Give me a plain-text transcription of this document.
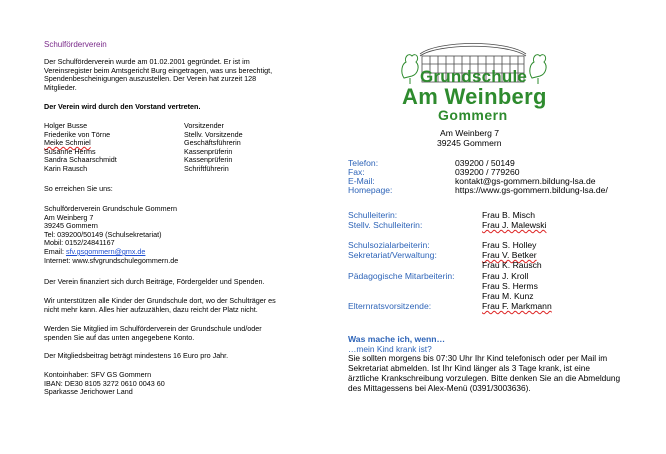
Schulförderverein
Der Schulförderverein wurde am 01.02.2001 gegründet. Er ist im
Vereinsregister beim Amtsgericht Burg eingetragen, was uns berechtigt,
Spendenbescheinigungen auszustellen. Der Verein hat zurzeit 128
Mitglieder.
Der Verein wird durch den Vorstand vertreten.
Holger Busse	Vorsitzender
Friederike von Törne	Stellv. Vorsitzende
Meike Schmiel	Geschäftsführerin
Susanne Herms	Kassenprüferin
Sandra Schaarschmidt	Kassenprüferin
Karin Rausch	Schriftführerin
So erreichen Sie uns:
Schulförderverein Grundschule Gommern
Am Weinberg 7
39245 Gommern
Tel: 039200/50149 (Schulsekretariat)
Mobil: 0152/24841167
Email: sfv.gsgommern@gmx.de
Internet: www.sfvgrundschulegommern.de
Der Verein finanziert sich durch Beiträge, Fördergelder und Spenden.
Wir unterstützen alle Kinder der Grundschule dort, wo der Schulträger es
nicht mehr kann. Alles hier aufzuzählen, dazu reicht der Platz nicht.
Werden Sie Mitglied im Schulförderverein der Grundschule und/oder
spenden Sie auf das unten angegebene Konto.
Der Mitgliedsbeitrag beträgt mindestens 16 Euro pro Jahr.
Kontoinhaber: SFV GS Gommern
IBAN: DE30 8105 3272 0610 0043 60
Sparkasse Jerichower Land
Grundschule
Am Weinberg
Gommern
Am Weinberg 7
39245 Gommern
Telefon:	039200 / 50149
Fax:	039200 / 779260
E-Mail:	kontakt@gs-gommern.bildung-lsa.de
Homepage:	https://www.gs-gommern.bildung-lsa.de/
Schulleiterin:	Frau B. Misch
Stellv. Schulleiterin:	Frau J. Malewski
Schulsozialarbeiterin:	Frau S. Holley
Sekretariat/Verwaltung:	Frau V. Betker
Frau K. Rausch
Pädagogische Mitarbeiterin:	Frau J. Kroll
Frau S. Herms
Frau M. Kunz
Elternratsvorsitzende:	Frau F. Markmann
Was mache ich, wenn…
…mein Kind krank ist?
Sie sollten morgens bis 07:30 Uhr Ihr Kind telefonisch oder per Mail im
Sekretariat abmelden. Ist Ihr Kind länger als 3 Tage krank, ist eine
ärztliche Krankschreibung vorzulegen. Bitte denken Sie an die Abmeldung
des Mittagessens bei Alex-Menü (0391/3003636).
